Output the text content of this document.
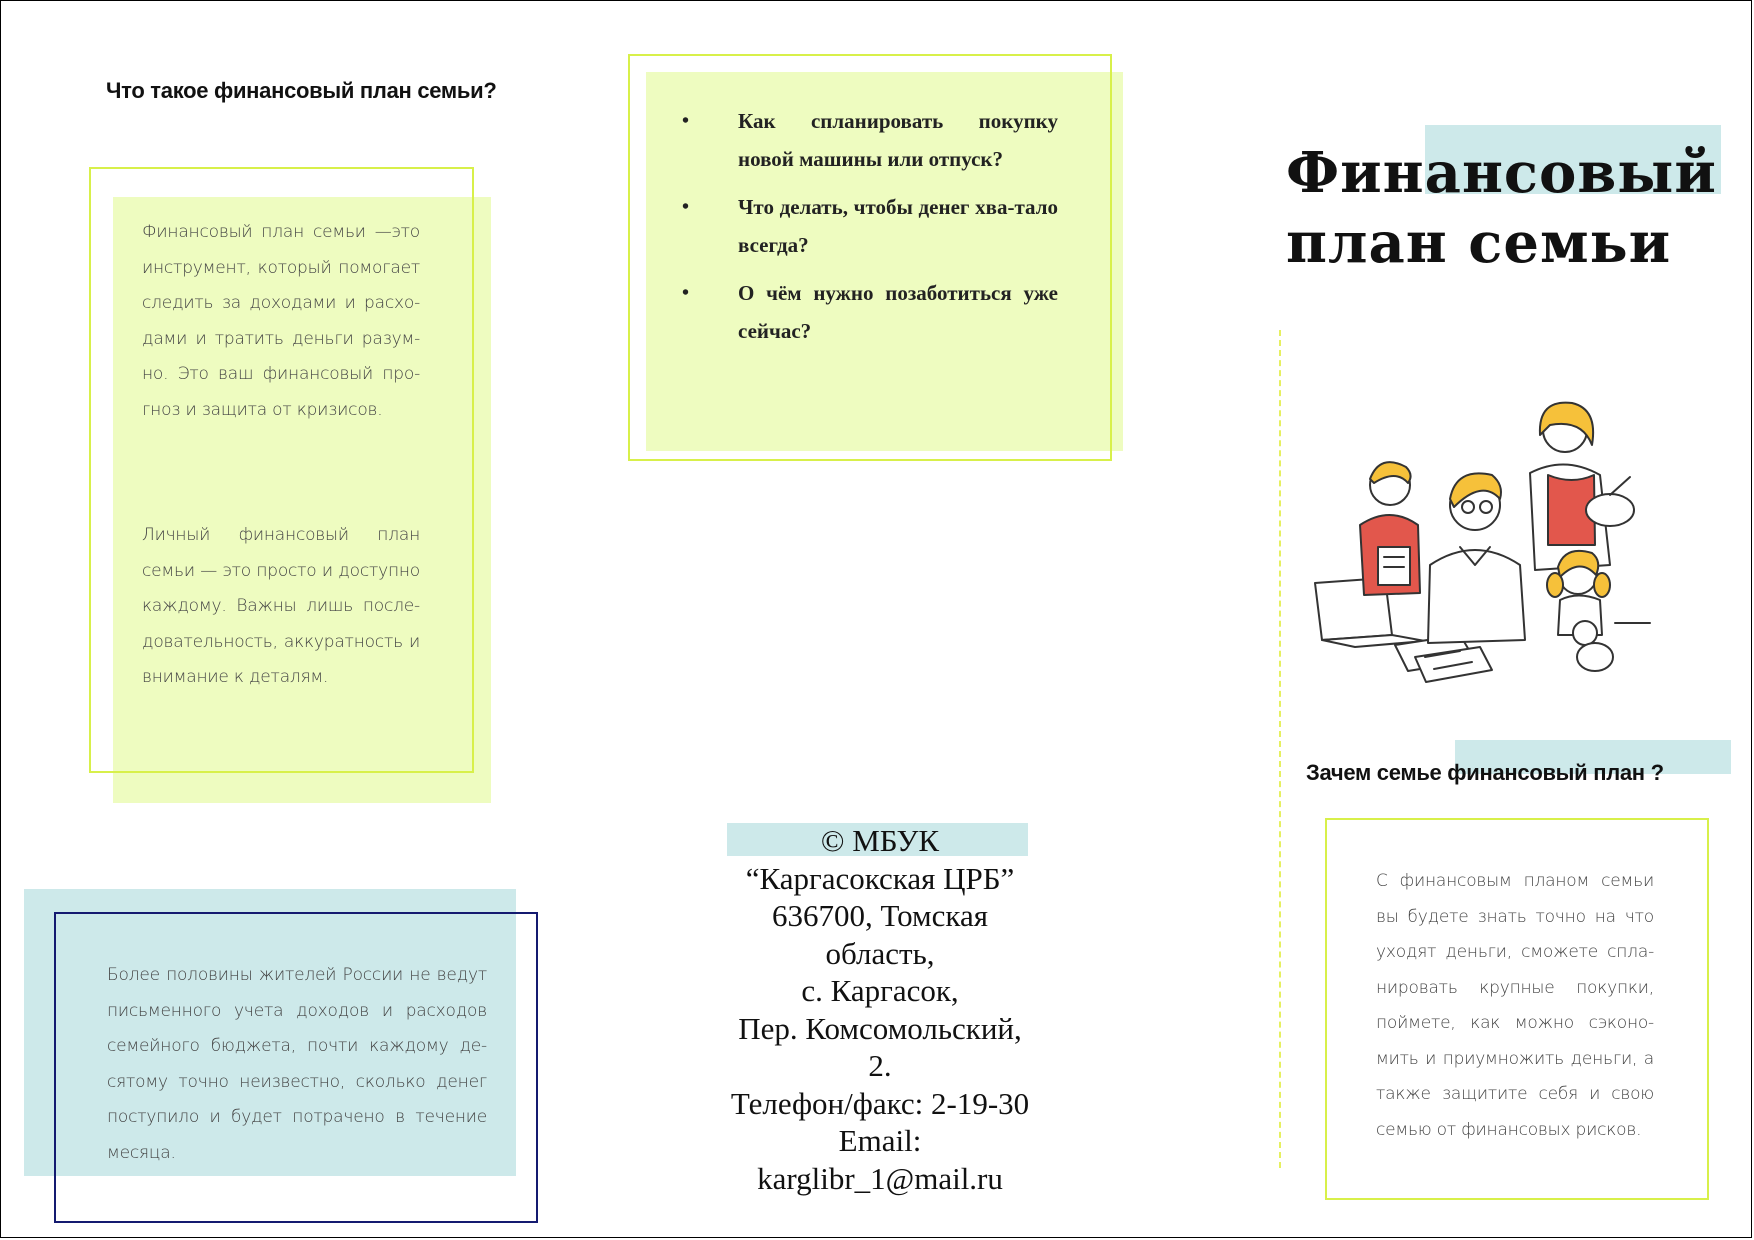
Что такое финансовый план семьи?

Финансовый план семьи —это инструмент, который помогает следить за доходами и расхо-дами и тратить деньги разум-но. Это ваш финансовый про-гноз и защита от кризисов.

Личный финансовый план семьи — это просто и доступно каждому. Важны лишь после-довательность, аккуратность и внимание к деталям.

Более половины жителей России не ведут письменного учета доходов и расходов семейного бюджета, почти каждому де-сятому точно неизвестно, сколько денег поступило и будет потрачено в течение месяца.

• Как спланировать покупку новой машины или отпуск?
• Что делать, чтобы денег хва-тало всегда?
• О чём нужно позаботиться уже сейчас?
© МБУК
“Каргасокская ЦРБ”
636700, Томская
область,
с. Каргасок,
Пер. Комсомольский,
2.
Телефон/факс: 2-19-30
Email:
karglibr_1@mail.ru
Финансовый
план семьи
Зачем семье финансовый план ?

С финансовым планом семьи вы будете знать точно на что уходят деньги, сможете спла-нировать крупные покупки, поймете, как можно сэконо-мить и приумножить деньги, а также защитите себя и свою семью от финансовых рисков.
